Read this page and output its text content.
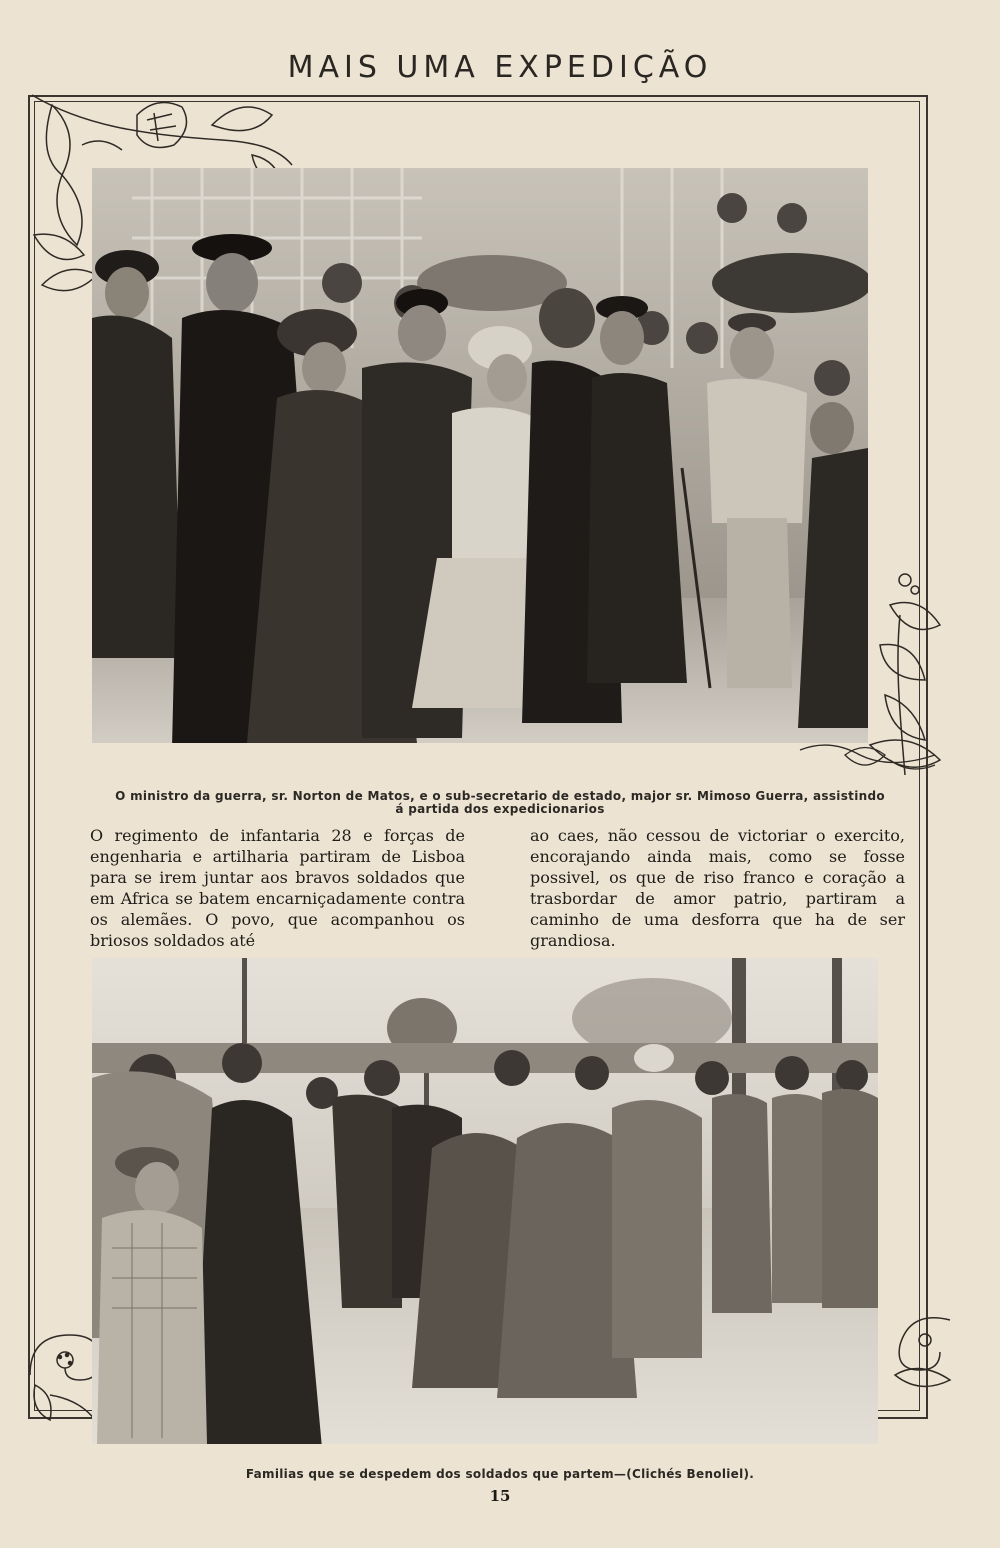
MAIS UMA EXPEDIÇÃO
O ministro da guerra, sr. Norton de Matos, e o sub-secretario de estado, major sr. Mimoso Guerra, assistindo
á partida dos expedicionarios
O regimento de infantaria 28 e forças de engenharia e artilharia partiram de Lisboa para se irem juntar aos bravos soldados que em Africa se batem encarniçadamente contra os alemães. O povo, que acompanhou os briosos soldados até
ao caes, não cessou de victoriar o exercito, encorajando ainda mais, como se fosse possivel, os que de riso franco e coração a trasbordar de amor patrio, partiram a caminho de uma desforra que ha de ser grandiosa.
Familias que se despedem dos soldados que partem—(Clichés Benoliel).
15
